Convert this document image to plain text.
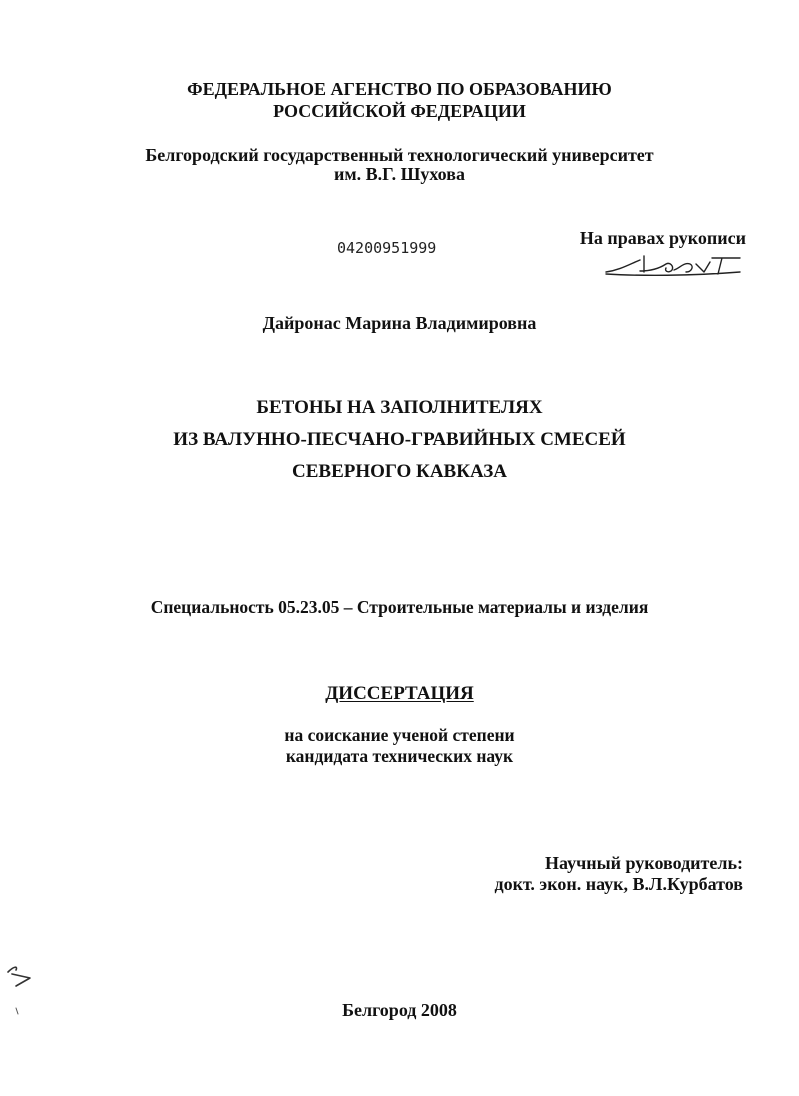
ФЕДЕРАЛЬНОЕ АГЕНСТВО ПО ОБРАЗОВАНИЮ
РОССИЙСКОЙ ФЕДЕРАЦИИ
Белгородский государственный технологический университет
им. В.Г. Шухова
04200951999	На правах рукописи
Дайронас Марина Владимировна
БЕТОНЫ НА ЗАПОЛНИТЕЛЯХ
ИЗ ВАЛУННО-ПЕСЧАНО-ГРАВИЙНЫХ СМЕСЕЙ
СЕВЕРНОГО КАВКАЗА
Специальность 05.23.05 – Строительные материалы и изделия
ДИССЕРТАЦИЯ
на соискание ученой степени
кандидата технических наук
Научный руководитель:
докт. экон. наук, В.Л.Курбатов
Белгород 2008
